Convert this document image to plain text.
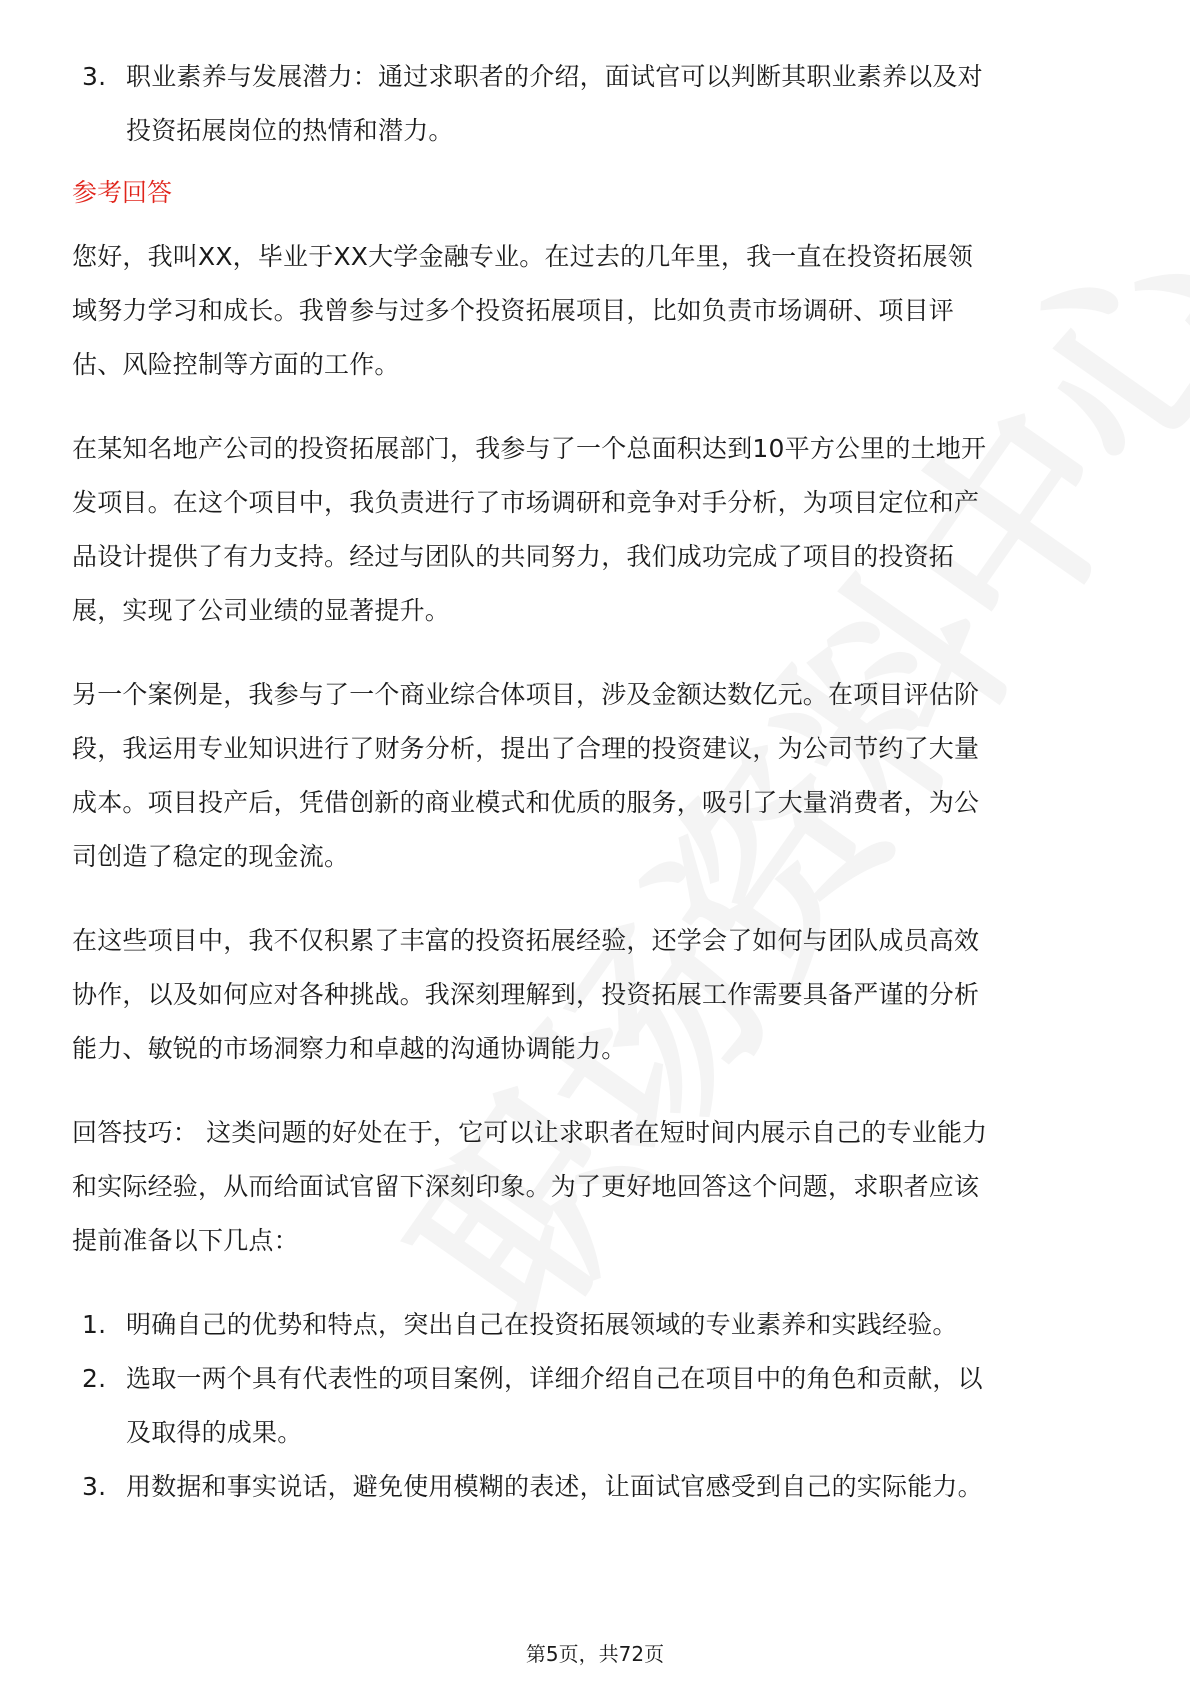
3. 职业素养与发展潜力：通过求职者的介绍，面试官可以判断其职业素养以及对
投资拓展岗位的热情和潜力。
参考回答
您好，我叫XX，毕业于XX大学金融专业。在过去的几年里，我一直在投资拓展领
域努力学习和成长。我曾参与过多个投资拓展项目，比如负责市场调研、项目评
估、风险控制等方面的工作。
在某知名地产公司的投资拓展部门，我参与了一个总面积达到10平方公里的土地开
发项目。在这个项目中，我负责进行了市场调研和竞争对手分析，为项目定位和产
品设计提供了有力支持。经过与团队的共同努力，我们成功完成了项目的投资拓
展，实现了公司业绩的显著提升。
另一个案例是，我参与了一个商业综合体项目，涉及金额达数亿元。在项目评估阶
段，我运用专业知识进行了财务分析，提出了合理的投资建议，为公司节约了大量
成本。项目投产后，凭借创新的商业模式和优质的服务，吸引了大量消费者，为公
司创造了稳定的现金流。
在这些项目中，我不仅积累了丰富的投资拓展经验，还学会了如何与团队成员高效
协作，以及如何应对各种挑战。我深刻理解到，投资拓展工作需要具备严谨的分析
能力、敏锐的市场洞察力和卓越的沟通协调能力。
回答技巧： 这类问题的好处在于，它可以让求职者在短时间内展示自己的专业能力
和实际经验，从而给面试官留下深刻印象。为了更好地回答这个问题，求职者应该
提前准备以下几点：
1. 明确自己的优势和特点，突出自己在投资拓展领域的专业素养和实践经验。
2. 选取一两个具有代表性的项目案例，详细介绍自己在项目中的角色和贡献，以
及取得的成果。
3. 用数据和事实说话，避免使用模糊的表述，让面试官感受到自己的实际能力。
第5页，共72页
